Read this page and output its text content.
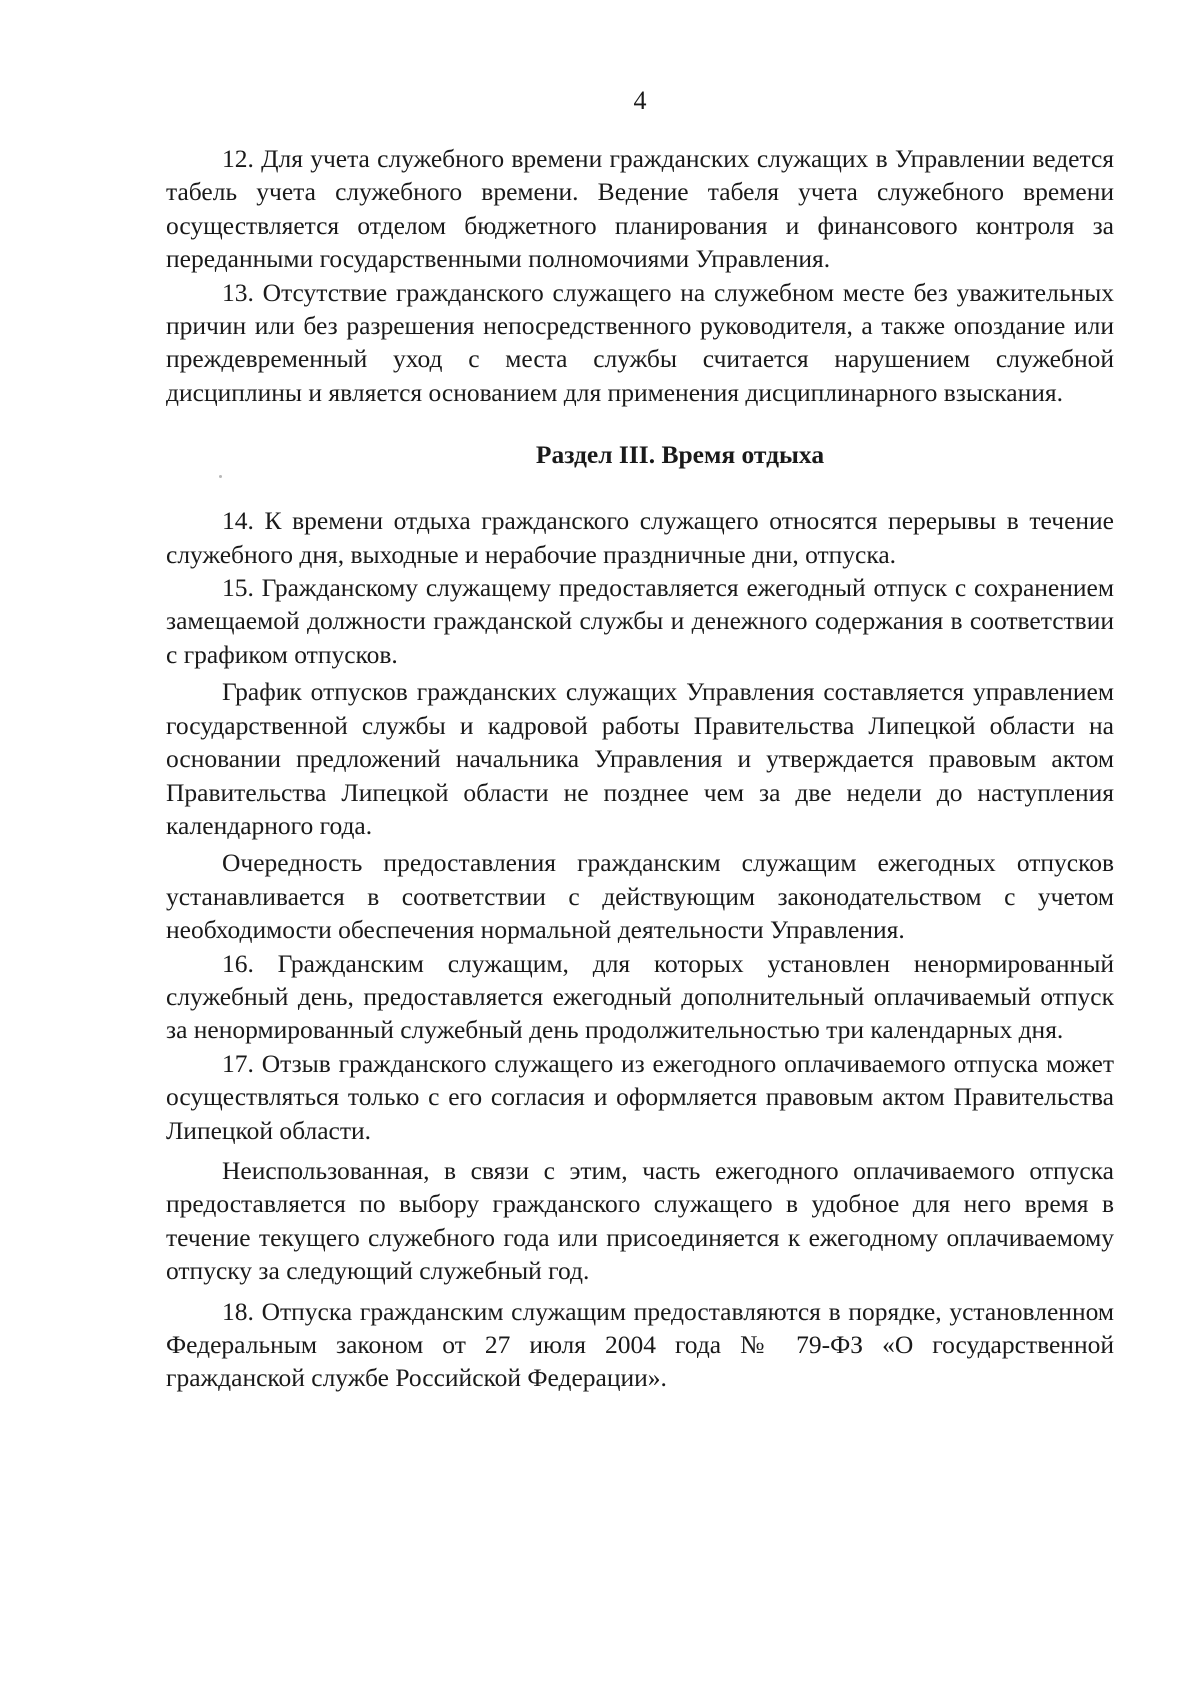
4

12. Для учета служебного времени гражданских служащих в Управлении ведется табель учета служебного времени. Ведение табеля учета служебного времени осуществляется отделом бюджетного планирования и финансового контроля за переданными государственными полномочиями Управления.

13. Отсутствие гражданского служащего на служебном месте без уважительных причин или без разрешения непосредственного руководителя, а также опоздание или преждевременный уход с места службы считается нарушением служебной дисциплины и является основанием для применения дисциплинарного взыскания.

Раздел III. Время отдыха

14. К времени отдыха гражданского служащего относятся перерывы в течение служебного дня, выходные и нерабочие праздничные дни, отпуска.

15. Гражданскому служащему предоставляется ежегодный отпуск с сохранением замещаемой должности гражданской службы и денежного содержания в соответствии с графиком отпусков.

График отпусков гражданских служащих Управления составляется управлением государственной службы и кадровой работы Правительства Липецкой области на основании предложений начальника Управления и утверждается правовым актом Правительства Липецкой области не позднее чем за две недели до наступления календарного года.

Очередность предоставления гражданским служащим ежегодных отпусков устанавливается в соответствии с действующим законодательством с учетом необходимости обеспечения нормальной деятельности Управления.

16. Гражданским служащим, для которых установлен ненормированный служебный день, предоставляется ежегодный дополнительный оплачиваемый отпуск за ненормированный служебный день продолжительностью три календарных дня.

17. Отзыв гражданского служащего из ежегодного оплачиваемого отпуска может осуществляться только с его согласия и оформляется правовым актом Правительства Липецкой области.

Неиспользованная, в связи с этим, часть ежегодного оплачиваемого отпуска предоставляется по выбору гражданского служащего в удобное для него время в течение текущего служебного года или присоединяется к ежегодному оплачиваемому отпуску за следующий служебный год.

18. Отпуска гражданским служащим предоставляются в порядке, установленном Федеральным законом от 27 июля 2004 года № 79-ФЗ «О государственной гражданской службе Российской Федерации».
